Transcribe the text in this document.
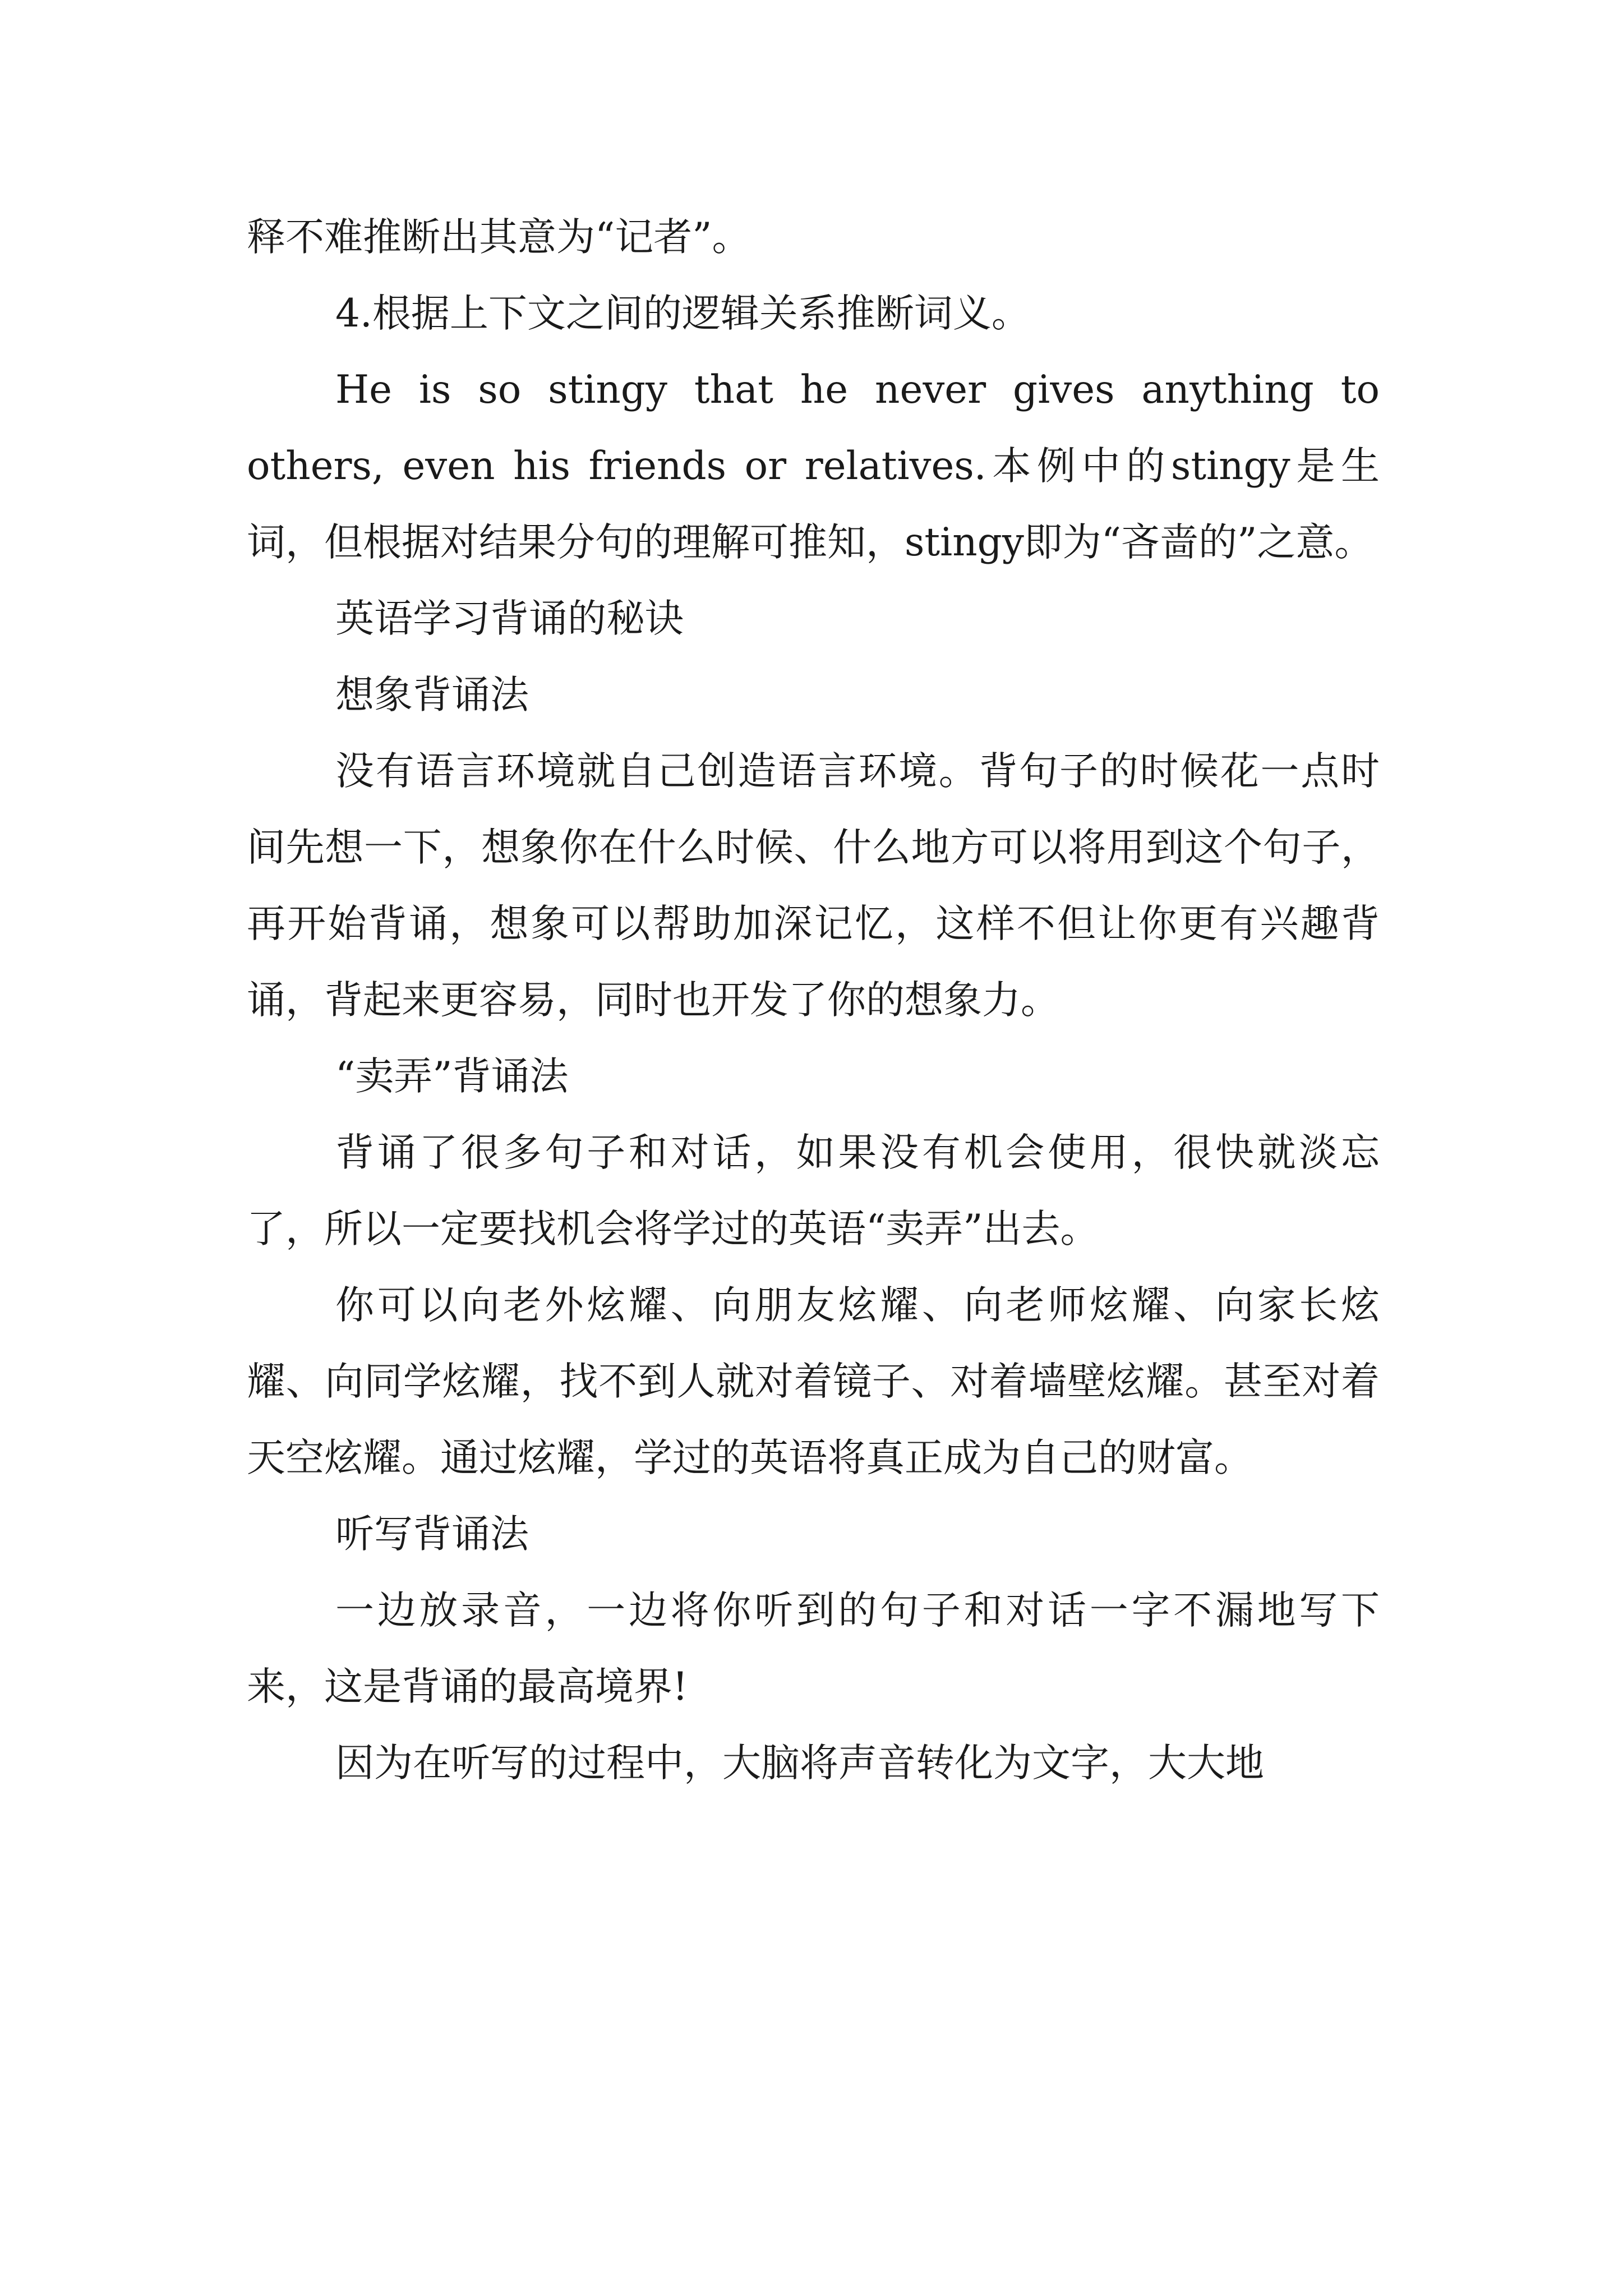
释不难推断出其意为“记者”。

4.根据上下文之间的逻辑关系推断词义。

He is so stingy that he never gives anything to others, even his friends or relatives.本例中的stingy是生词，但根据对结果分句的理解可推知，stingy即为“吝啬的”之意。

英语学习背诵的秘诀

想象背诵法

没有语言环境就自己创造语言环境。背句子的时候花一点时间先想一下，想象你在什么时候、什么地方可以将用到这个句子，再开始背诵，想象可以帮助加深记忆，这样不但让你更有兴趣背诵，背起来更容易，同时也开发了你的想象力。

“卖弄”背诵法

背诵了很多句子和对话，如果没有机会使用，很快就淡忘了，所以一定要找机会将学过的英语“卖弄”出去。

你可以向老外炫耀、向朋友炫耀、向老师炫耀、向家长炫耀、向同学炫耀，找不到人就对着镜子、对着墙壁炫耀。甚至对着天空炫耀。通过炫耀，学过的英语将真正成为自己的财富。

听写背诵法

一边放录音，一边将你听到的句子和对话一字不漏地写下来，这是背诵的最高境界!

因为在听写的过程中，大脑将声音转化为文字，大大地
